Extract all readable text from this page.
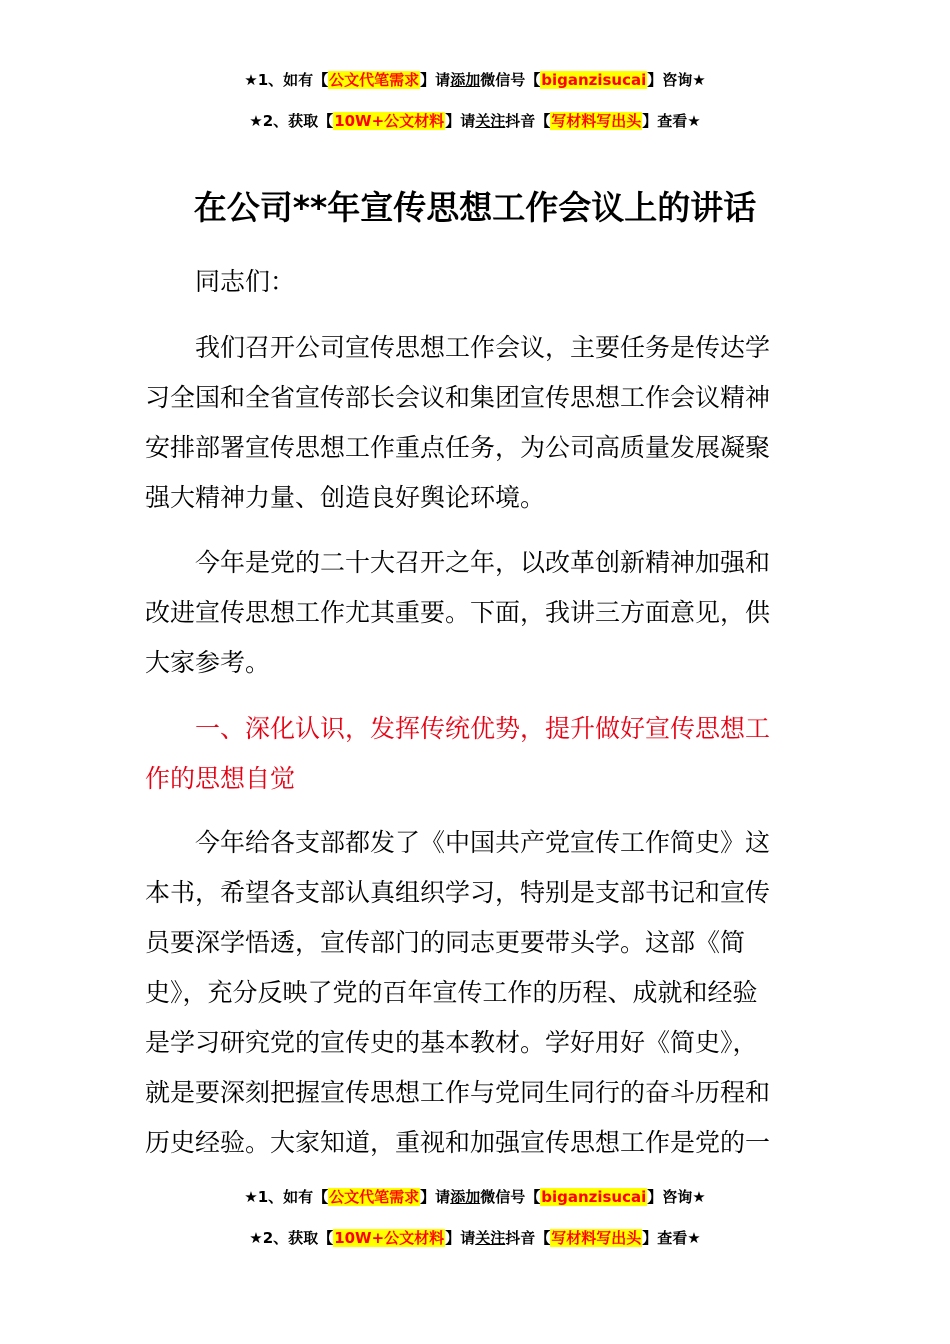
★1、如有【公文代笔需求】请添加微信号【biganzisucai】咨询★
★2、获取【10W+公文材料】请关注抖音【写材料写出头】查看★
在公司**年宣传思想工作会议上的讲话
同志们：
我们召开公司宣传思想工作会议，主要任务是传达学
习全国和全省宣传部长会议和集团宣传思想工作会议精神
安排部署宣传思想工作重点任务，为公司高质量发展凝聚
强大精神力量、创造良好舆论环境。
今年是党的二十大召开之年，以改革创新精神加强和
改进宣传思想工作尤其重要。下面，我讲三方面意见，供
大家参考。
一、深化认识，发挥传统优势，提升做好宣传思想工
作的思想自觉
今年给各支部都发了《中国共产党宣传工作简史》这
本书，希望各支部认真组织学习，特别是支部书记和宣传
员要深学悟透，宣传部门的同志更要带头学。这部《简
史》，充分反映了党的百年宣传工作的历程、成就和经验
是学习研究党的宣传史的基本教材。学好用好《简史》，
就是要深刻把握宣传思想工作与党同生同行的奋斗历程和
历史经验。大家知道，重视和加强宣传思想工作是党的一
★1、如有【公文代笔需求】请添加微信号【biganzisucai】咨询★
★2、获取【10W+公文材料】请关注抖音【写材料写出头】查看★
